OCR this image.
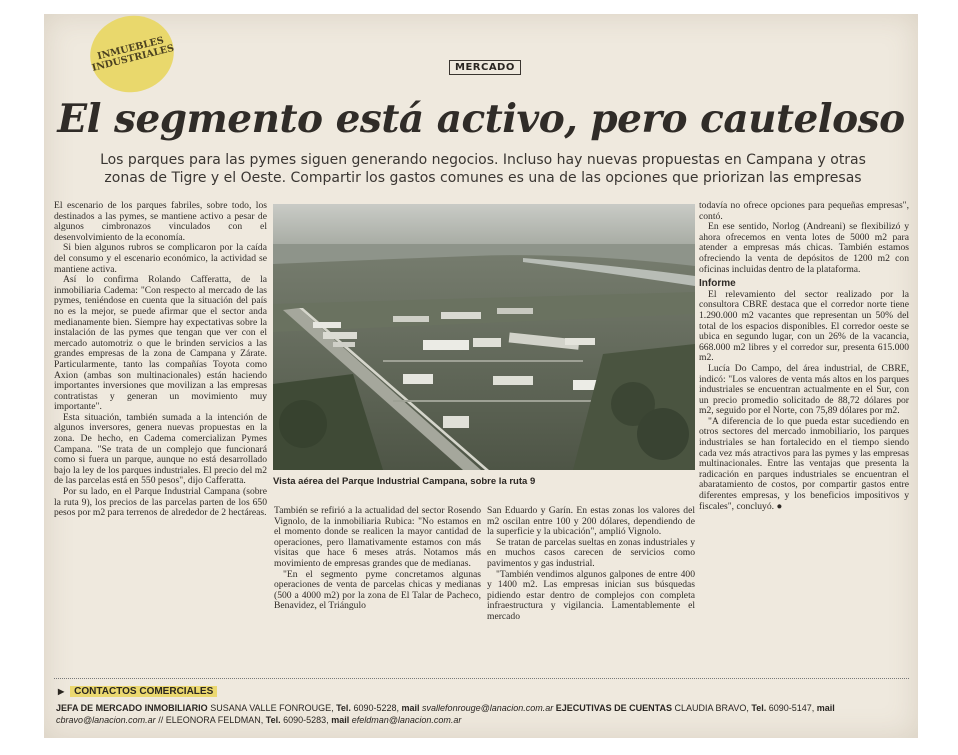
INMUEBLES INDUSTRIALES	MERCADO
El segmento está activo, pero cauteloso
Los parques para las pymes siguen generando negocios. Incluso hay nuevas propuestas en Campana y otras zonas de Tigre y el Oeste. Compartir los gastos comunes es una de las opciones que priorizan las empresas

El escenario de los parques fabriles, sobre todo, los destinados a las pymes, se mantiene activo a pesar de algunos cimbronazos vinculados con el desenvolvimiento de la economía.

Si bien algunos rubros se complicaron por la caída del consumo y el escenario económico, la actividad se mantiene activa.

Así lo confirma Rolando Cafferatta, de la inmobiliaria Cadema: "Con respecto al mercado de las pymes, teniéndose en cuenta que la situación del país no es la mejor, se puede afirmar que el sector anda medianamente bien. Siempre hay expectativas sobre la instalación de las pymes que tengan que ver con el mercado automotriz o que le brinden servicios a las grandes empresas de la zona de Campana y Zárate. Particularmente, tanto las compañías Toyota como Axion (ambas son multinacionales) están haciendo importantes inversiones que movilizan a las empresas contratistas y generan un movimiento muy importante".

Esta situación, también sumada a la intención de algunos inversores, genera nuevas propuestas en la zona. De hecho, en Cadema comercializan Pymes Campana. "Se trata de un complejo que funcionará como si fuera un parque, aunque no está desarrollado bajo la ley de los parques industriales. El precio del m2 de las parcelas está en 550 pesos", dijo Cafferatta.

Por su lado, en el Parque Industrial Campana (sobre la ruta 9), los precios de las parcelas parten de los 650 pesos por m2 para terrenos de alrededor de 2 hectáreas.

Vista aérea del Parque Industrial Campana, sobre la ruta 9

También se refirió a la actualidad del sector Rosendo Vignolo, de la inmobiliaria Rubica: "No estamos en el momento donde se realicen la mayor cantidad de operaciones, pero llamativamente estamos con más visitas que hace 6 meses atrás. Notamos más movimiento de empresas grandes que de medianas.

"En el segmento pyme concretamos algunas operaciones de venta de parcelas chicas y medianas (500 a 4000 m2) por la zona de El Talar de Pacheco, Benavidez, el Triángulo

San Eduardo y Garín. En estas zonas los valores del m2 oscilan entre 100 y 200 dólares, dependiendo de la superficie y la ubicación", amplió Vignolo.

Se tratan de parcelas sueltas en zonas industriales y en muchos casos carecen de servicios como pavimentos y gas industrial.

"También vendimos algunos galpones de entre 400 y 1400 m2. Las empresas inician sus búsquedas pidiendo estar dentro de complejos con completa infraestructura y vigilancia. Lamentablemente el mercado

todavía no ofrece opciones para pequeñas empresas", contó.

En ese sentido, Norlog (Andreani) se flexibilizó y ahora ofrecemos en venta lotes de 5000 m2 para atender a empresas más chicas. También estamos ofreciendo la venta de depósitos de 1200 m2 con oficinas incluidas dentro de la plataforma.

Informe

El relevamiento del sector realizado por la consultora CBRE destaca que el corredor norte tiene 1.290.000 m2 vacantes que representan un 50% del total de los espacios disponibles. El corredor oeste se ubica en segundo lugar, con un 26% de la vacancia, 668.000 m2 libres y el corredor sur, presenta 615.000 m2.

Lucía Do Campo, del área industrial, de CBRE, indicó: "Los valores de venta más altos en los parques industriales se encuentran actualmente en el Sur, con un precio promedio solicitado de 88,72 dólares por m2, seguido por el Norte, con 75,89 dólares por m2.

"A diferencia de lo que pueda estar sucediendo en otros sectores del mercado inmobiliario, los parques industriales se han fortalecido en el tiempo siendo cada vez más atractivos para las pymes y las empresas multinacionales. Entre las ventajas que presenta la radicación en parques industriales se encuentran el abaratamiento de costos, por compartir gastos entre diferentes empresas, y los beneficios impositivos y fiscales", concluyó. ●

▶	CONTACTOS COMERCIALES
JEFA DE MERCADO INMOBILIARIO SUSANA VALLE FONROUGE, Tel. 6090-5228, mail svallefonrouge@lanacion.com.ar EJECUTIVAS DE CUENTAS CLAUDIA BRAVO, Tel. 6090-5147, mail
cbravo@lanacion.com.ar // ELEONORA FELDMAN, Tel. 6090-5283, mail efeldman@lanacion.com.ar
